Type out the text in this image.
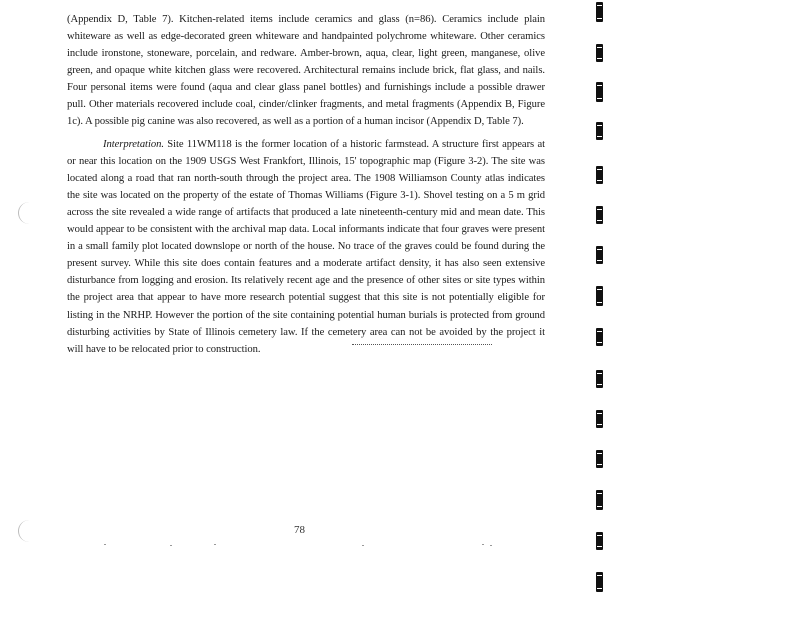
(Appendix D, Table 7). Kitchen-related items include ceramics and glass (n=86). Ceramics include plain whiteware as well as edge-decorated green whiteware and handpainted polychrome whiteware. Other ceramics include ironstone, stoneware, porcelain, and redware. Amber-brown, aqua, clear, light green, manganese, olive green, and opaque white kitchen glass were recovered. Architectural remains include brick, flat glass, and nails. Four personal items were found (aqua and clear glass panel bottles) and furnishings include a possible drawer pull. Other materials recovered include coal, cinder/clinker fragments, and metal fragments (Appendix B, Figure 1c). A possible pig canine was also recovered, as well as a portion of a human incisor (Appendix D, Table 7).

Interpretation. Site 11WM118 is the former location of a historic farmstead. A structure first appears at or near this location on the 1909 USGS West Frankfort, Illinois, 15' topographic map (Figure 3-2). The site was located along a road that ran north-south through the project area. The 1908 Williamson County atlas indicates the site was located on the property of the estate of Thomas Williams (Figure 3-1). Shovel testing on a 5 m grid across the site revealed a wide range of artifacts that produced a late nineteenth-century mid and mean date. This would appear to be consistent with the archival map data. Local informants indicate that four graves were present in a small family plot located downslope or north of the house. No trace of the graves could be found during the present survey. While this site does contain features and a moderate artifact density, it has also seen extensive disturbance from logging and erosion. Its relatively recent age and the presence of other sites or site types within the project area that appear to have more research potential suggest that this site is not potentially eligible for listing in the NRHP. However the portion of the site containing potential human burials is protected from ground disturbing activities by State of Illinois cemetery law. If the cemetery area can not be avoided by the project it will have to be relocated prior to construction.

78
